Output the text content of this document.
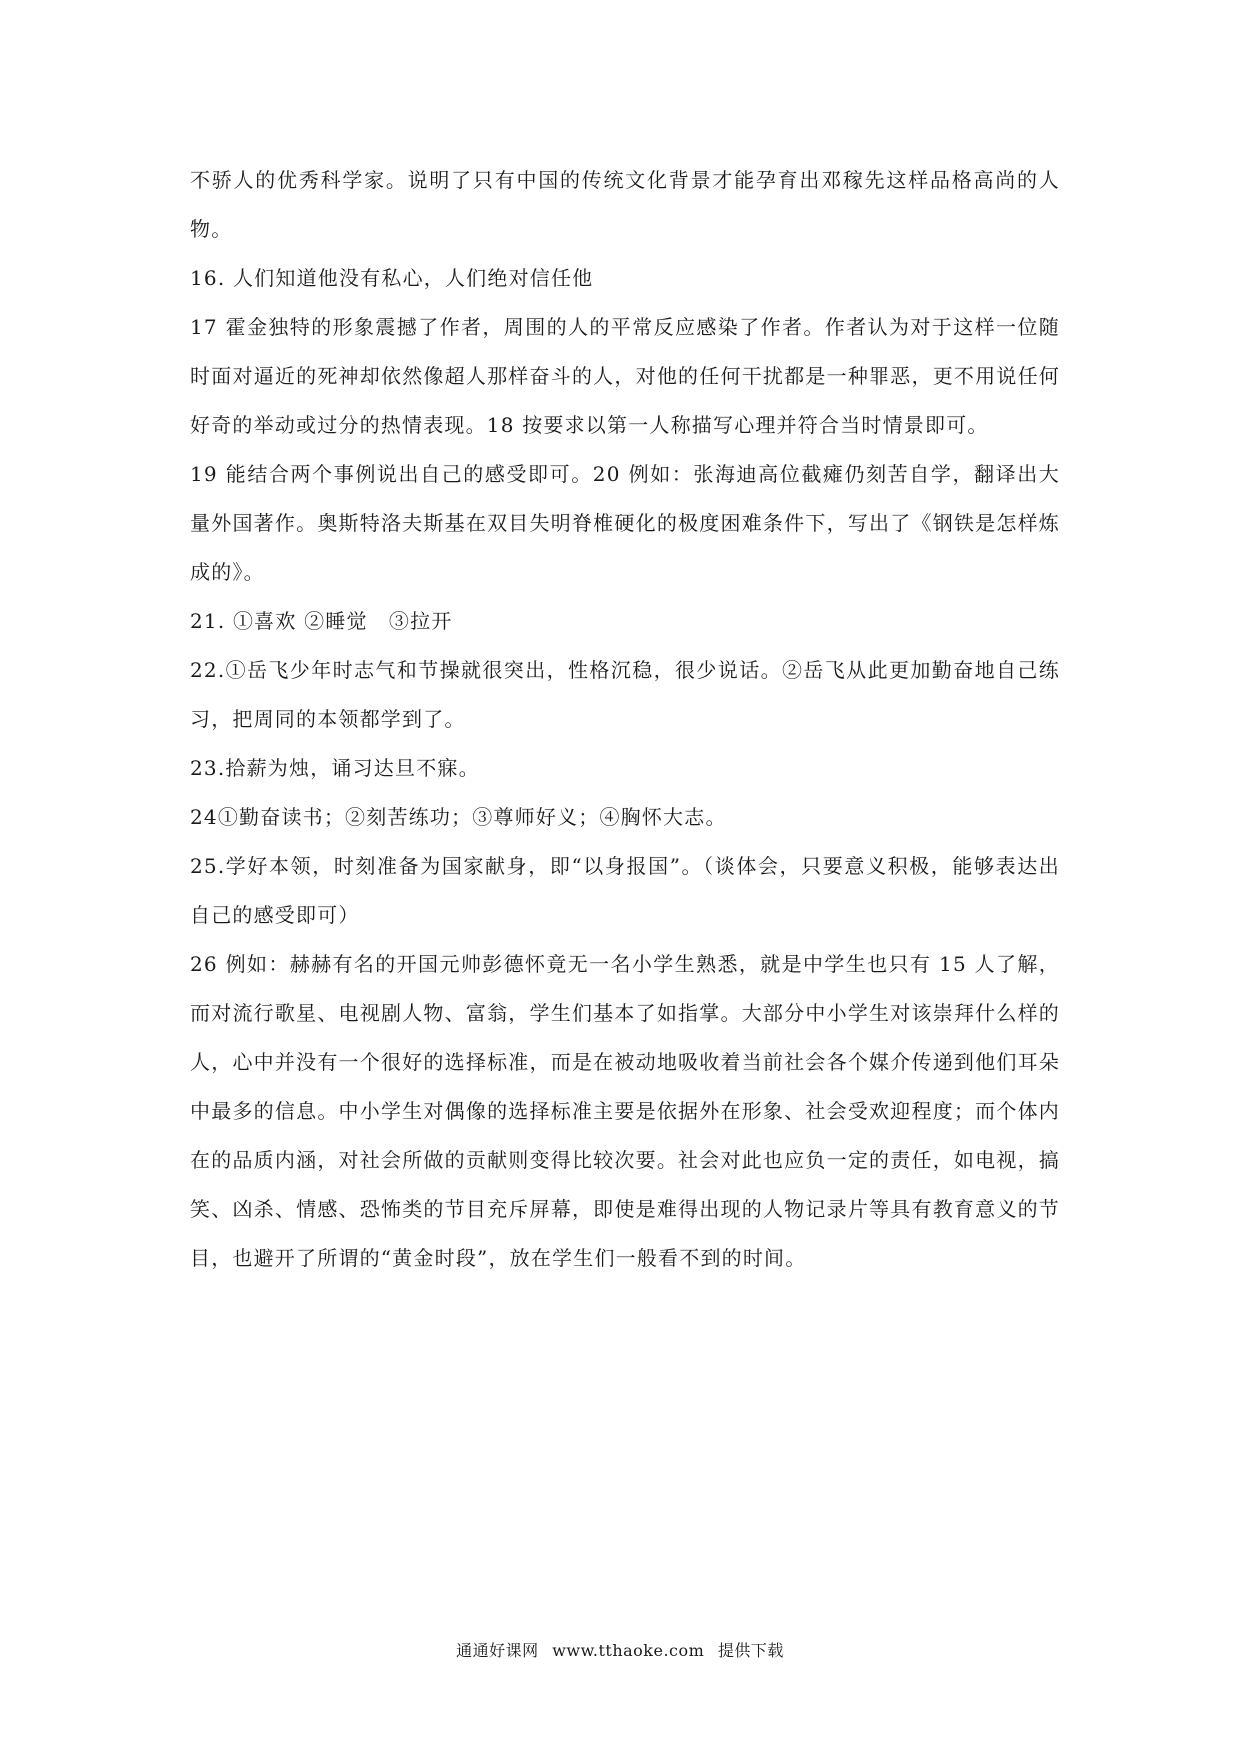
不骄人的优秀科学家。说明了只有中国的传统文化背景才能孕育出邓稼先这样品格高尚的人物。

16. 人们知道他没有私心，人们绝对信任他

17 霍金独特的形象震撼了作者，周围的人的平常反应感染了作者。作者认为对于这样一位随时面对逼近的死神却依然像超人那样奋斗的人，对他的任何干扰都是一种罪恶，更不用说任何好奇的举动或过分的热情表现。18 按要求以第一人称描写心理并符合当时情景即可。

19 能结合两个事例说出自己的感受即可。20 例如：张海迪高位截瘫仍刻苦自学，翻译出大量外国著作。奥斯特洛夫斯基在双目失明脊椎硬化的极度困难条件下，写出了《钢铁是怎样炼成的》。

21. ①喜欢 ②睡觉　③拉开

22.①岳飞少年时志气和节操就很突出，性格沉稳，很少说话。②岳飞从此更加勤奋地自己练习，把周同的本领都学到了。

23.拾薪为烛，诵习达旦不寐。

24①勤奋读书；②刻苦练功；③尊师好义；④胸怀大志。

25.学好本领，时刻准备为国家献身，即“以身报国”。（谈体会，只要意义积极，能够表达出自己的感受即可）

26 例如：赫赫有名的开国元帅彭德怀竟无一名小学生熟悉，就是中学生也只有 15 人了解，而对流行歌星、电视剧人物、富翁，学生们基本了如指掌。大部分中小学生对该崇拜什么样的人，心中并没有一个很好的选择标准，而是在被动地吸收着当前社会各个媒介传递到他们耳朵中最多的信息。中小学生对偶像的选择标准主要是依据外在形象、社会受欢迎程度；而个体内在的品质内涵，对社会所做的贡献则变得比较次要。社会对此也应负一定的责任，如电视，搞笑、凶杀、情感、恐怖类的节目充斥屏幕，即使是难得出现的人物记录片等具有教育意义的节目，也避开了所谓的“黄金时段”，放在学生们一般看不到的时间。

通通好课网 www.tthaoke.com 提供下载
